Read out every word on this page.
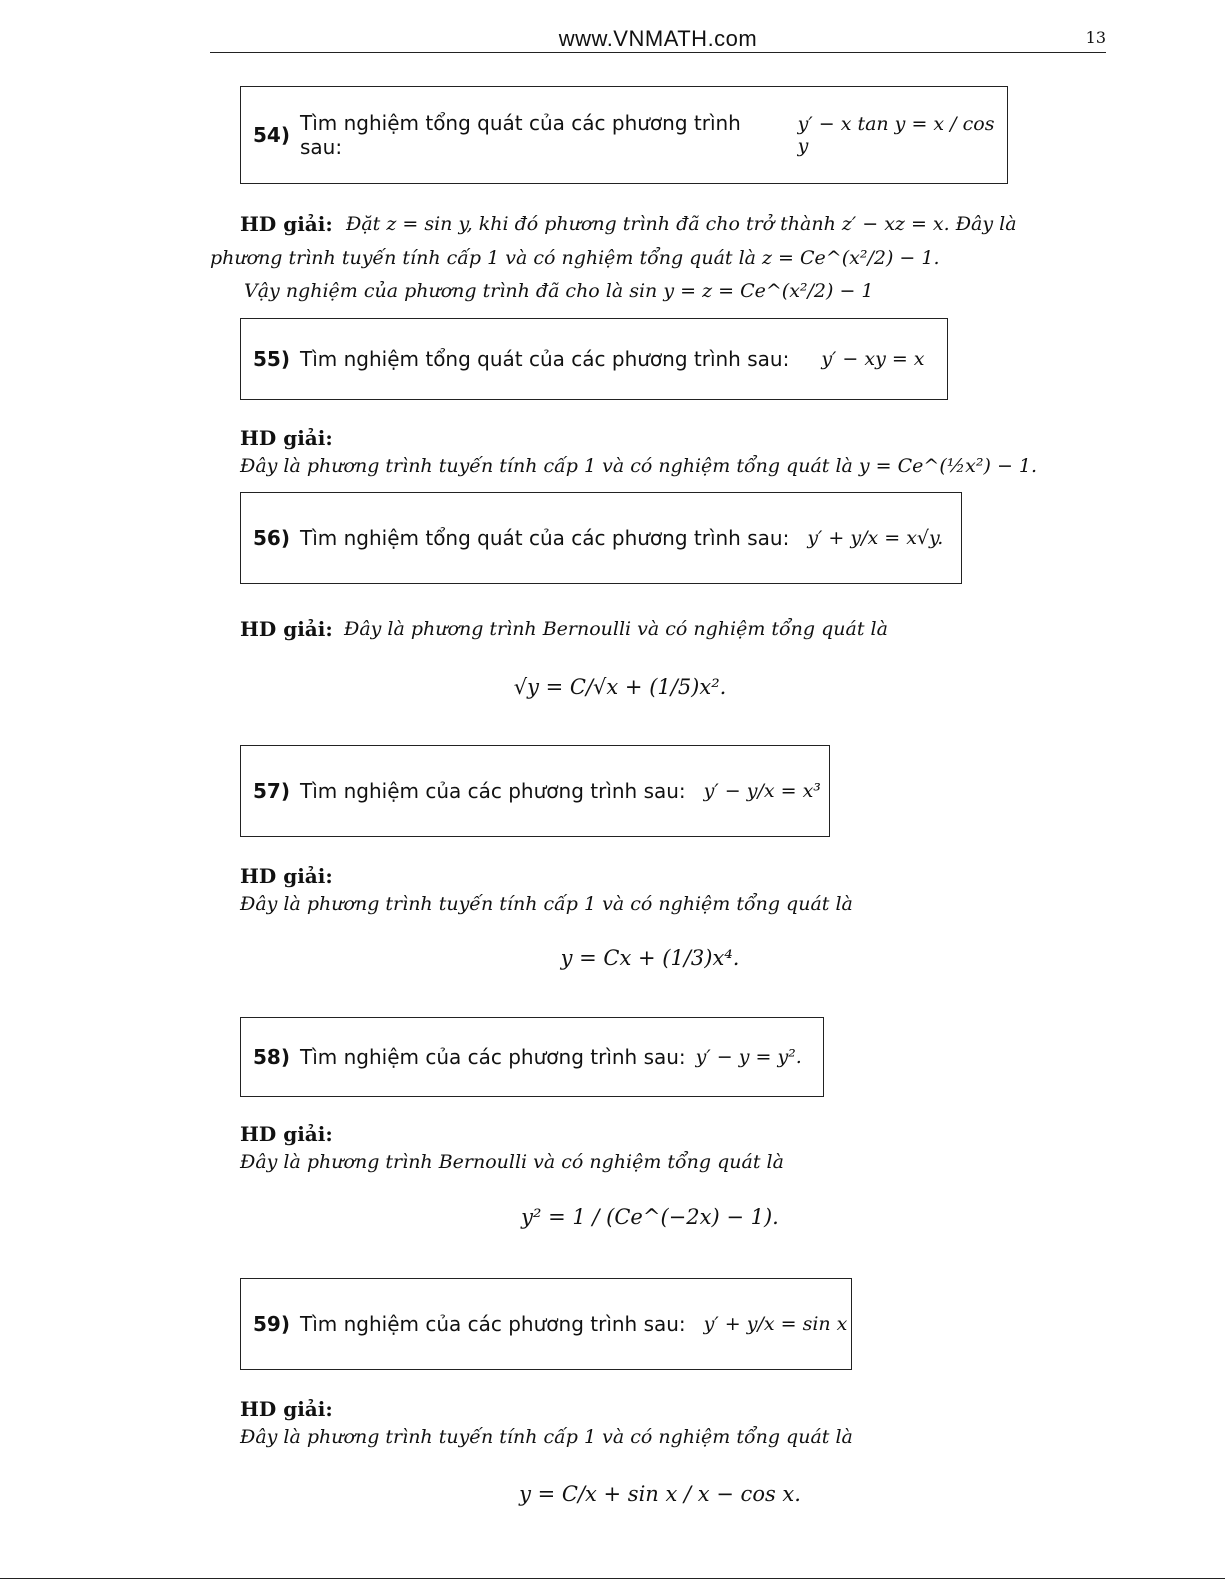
www.VNMATH.com	13
54) Tìm nghiệm tổng quát của các phương trình sau:
y′ − x tan y = x / cos y
HD giải: Đặt z = sin y, khi đó phương trình đã cho trở thành z′ − xz = x. Đây là
phương trình tuyến tính cấp 1 và có nghiệm tổng quát là z = Ce^(x²/2) − 1.
Vậy nghiệm của phương trình đã cho là sin y = z = Ce^(x²/2) − 1
55) Tìm nghiệm tổng quát của các phương trình sau: y′ − xy = x
HD giải:
Đây là phương trình tuyến tính cấp 1 và có nghiệm tổng quát là y = Ce^(½x²) − 1.
56) Tìm nghiệm tổng quát của các phương trình sau: y′ + y/x = x√y.
HD giải: Đây là phương trình Bernoulli và có nghiệm tổng quát là
√y = C/√x + (1/5)x².
57) Tìm nghiệm của các phương trình sau: y′ − y/x = x³
HD giải:
Đây là phương trình tuyến tính cấp 1 và có nghiệm tổng quát là
y = Cx + (1/3)x⁴.
58) Tìm nghiệm của các phương trình sau: y′ − y = y².
HD giải:
Đây là phương trình Bernoulli và có nghiệm tổng quát là
y² = 1 / (Ce^(−2x) − 1).
59) Tìm nghiệm của các phương trình sau: y′ + y/x = sin x
HD giải:
Đây là phương trình tuyến tính cấp 1 và có nghiệm tổng quát là
y = C/x + sin x / x − cos x.
